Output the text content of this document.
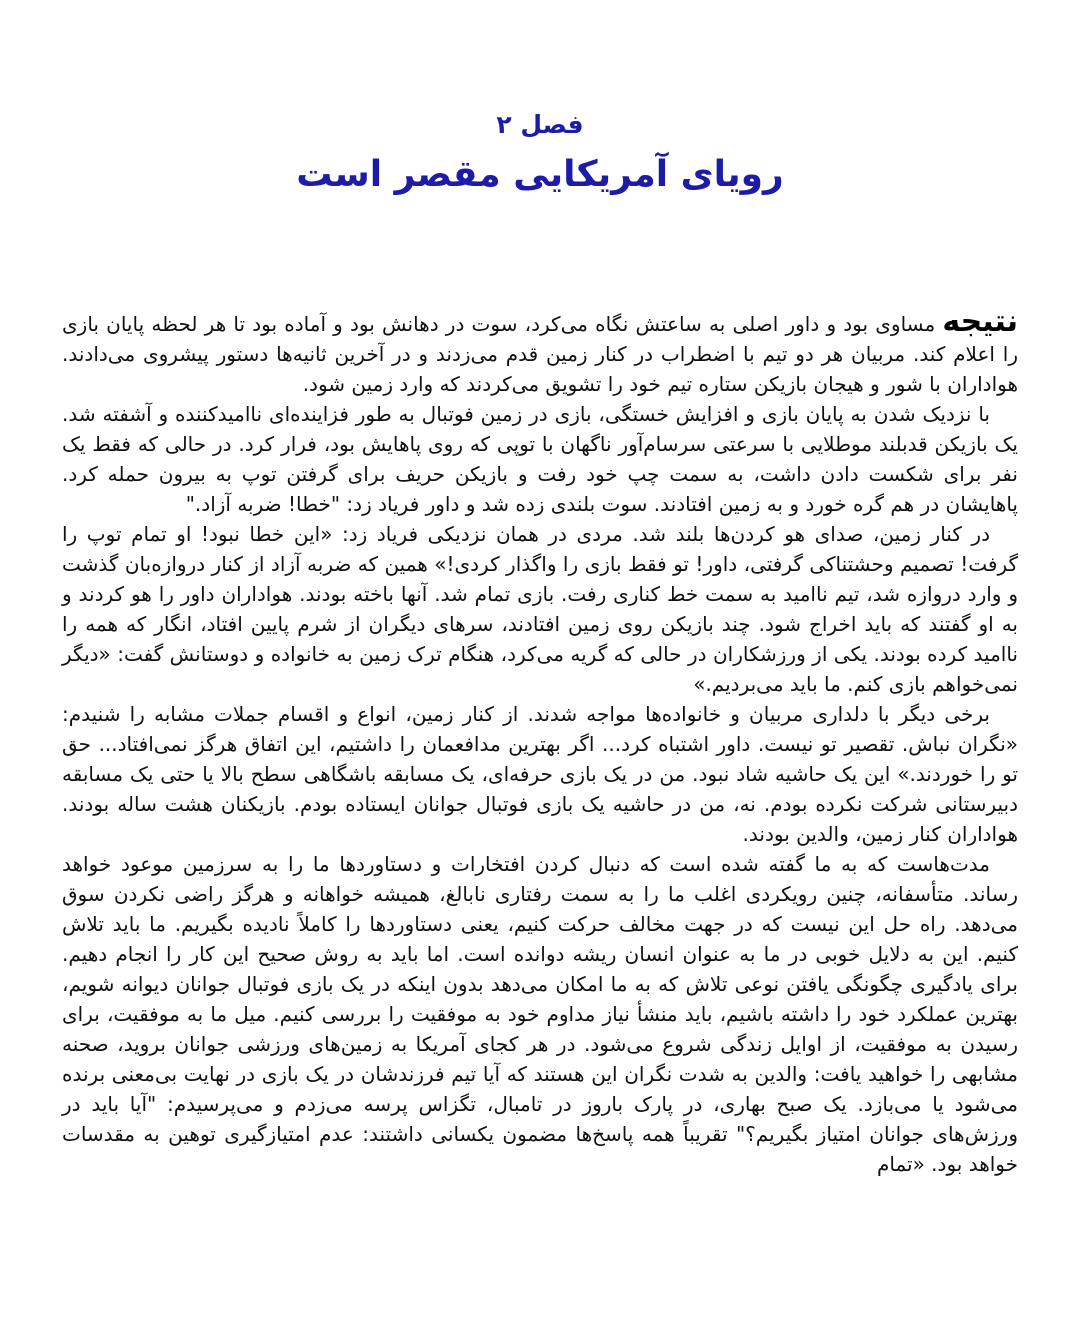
فصل ۲
رویای آمریکایی مقصر است

نتیجه مساوی بود و داور اصلی به ساعتش نگاه می‌کرد، سوت در دهانش بود و آماده بود تا هر لحظه پایان بازی را اعلام کند. مربیان هر دو تیم با اضطراب در کنار زمین قدم می‌زدند و در آخرین ثانیه‌ها دستور پیشروی می‌دادند. هواداران با شور و هیجان بازیکن ستاره تیم خود را تشویق می‌کردند که وارد زمین شود.

با نزدیک شدن به پایان بازی و افزایش خستگی، بازی در زمین فوتبال به طور فزاینده‌ای ناامیدکننده و آشفته شد. یک بازیکن قدبلند موطلایی با سرعتی سرسام‌آور ناگهان با توپی که روی پاهایش بود، فرار کرد. در حالی که فقط یک نفر برای شکست دادن داشت، به سمت چپ خود رفت و بازیکن حریف برای گرفتن توپ به بیرون حمله کرد. پاهایشان در هم گره خورد و به زمین افتادند. سوت بلندی زده شد و داور فریاد زد: "خطا! ضربه آزاد."

در کنار زمین، صدای هو کردن‌ها بلند شد. مردی در همان نزدیکی فریاد زد: «این خطا نبود! او تمام توپ را گرفت! تصمیم وحشتناکی گرفتی، داور! تو فقط بازی را واگذار کردی!» همین که ضربه آزاد از کنار دروازه‌بان گذشت و وارد دروازه شد، تیم ناامید به سمت خط کناری رفت. بازی تمام شد. آنها باخته بودند. هواداران داور را هو کردند و به او گفتند که باید اخراج شود. چند بازیکن روی زمین افتادند، سرهای دیگران از شرم پایین افتاد، انگار که همه را ناامید کرده بودند. یکی از ورزشکاران در حالی که گریه می‌کرد، هنگام ترک زمین به خانواده و دوستانش گفت: «دیگر نمی‌خواهم بازی کنم. ما باید می‌بردیم.»

برخی دیگر با دلداری مربیان و خانواده‌ها مواجه شدند. از کنار زمین، انواع و اقسام جملات مشابه را شنیدم: «نگران نباش. تقصیر تو نیست. داور اشتباه کرد... اگر بهترین مدافعمان را داشتیم، این اتفاق هرگز نمی‌افتاد... حق تو را خوردند.» این یک حاشیه شاد نبود. من در یک بازی حرفه‌ای، یک مسابقه باشگاهی سطح بالا یا حتی یک مسابقه دبیرستانی شرکت نکرده بودم. نه، من در حاشیه یک بازی فوتبال جوانان ایستاده بودم. بازیکنان هشت ساله بودند. هواداران کنار زمین، والدین بودند.

مدت‌هاست که به ما گفته شده است که دنبال کردن افتخارات و دستاوردها ما را به سرزمین موعود خواهد رساند. متأسفانه، چنین رویکردی اغلب ما را به سمت رفتاری نابالغ، همیشه خواهانه و هرگز راضی نکردن سوق می‌دهد. راه حل این نیست که در جهت مخالف حرکت کنیم، یعنی دستاوردها را کاملاً نادیده بگیریم. ما باید تلاش کنیم. این به دلایل خوبی در ما به عنوان انسان ریشه دوانده است. اما باید به روش صحیح این کار را انجام دهیم. برای یادگیری چگونگی یافتن نوعی تلاش که به ما امکان می‌دهد بدون اینکه در یک بازی فوتبال جوانان دیوانه شویم، بهترین عملکرد خود را داشته باشیم، باید منشأ نیاز مداوم خود به موفقیت را بررسی کنیم. میل ما به موفقیت، برای رسیدن به موفقیت، از اوایل زندگی شروع می‌شود. در هر کجای آمریکا به زمین‌های ورزشی جوانان بروید، صحنه مشابهی را خواهید یافت: والدین به شدت نگران این هستند که آیا تیم فرزندشان در یک بازی در نهایت بی‌معنی برنده می‌شود یا می‌بازد. یک صبح بهاری، در پارک باروز در تامبال، تگزاس پرسه می‌زدم و می‌پرسیدم: "آیا باید در ورزش‌های جوانان امتیاز بگیریم؟" تقریباً همه پاسخ‌ها مضمون یکسانی داشتند: عدم امتیازگیری توهین به مقدسات خواهد بود. «تمام
